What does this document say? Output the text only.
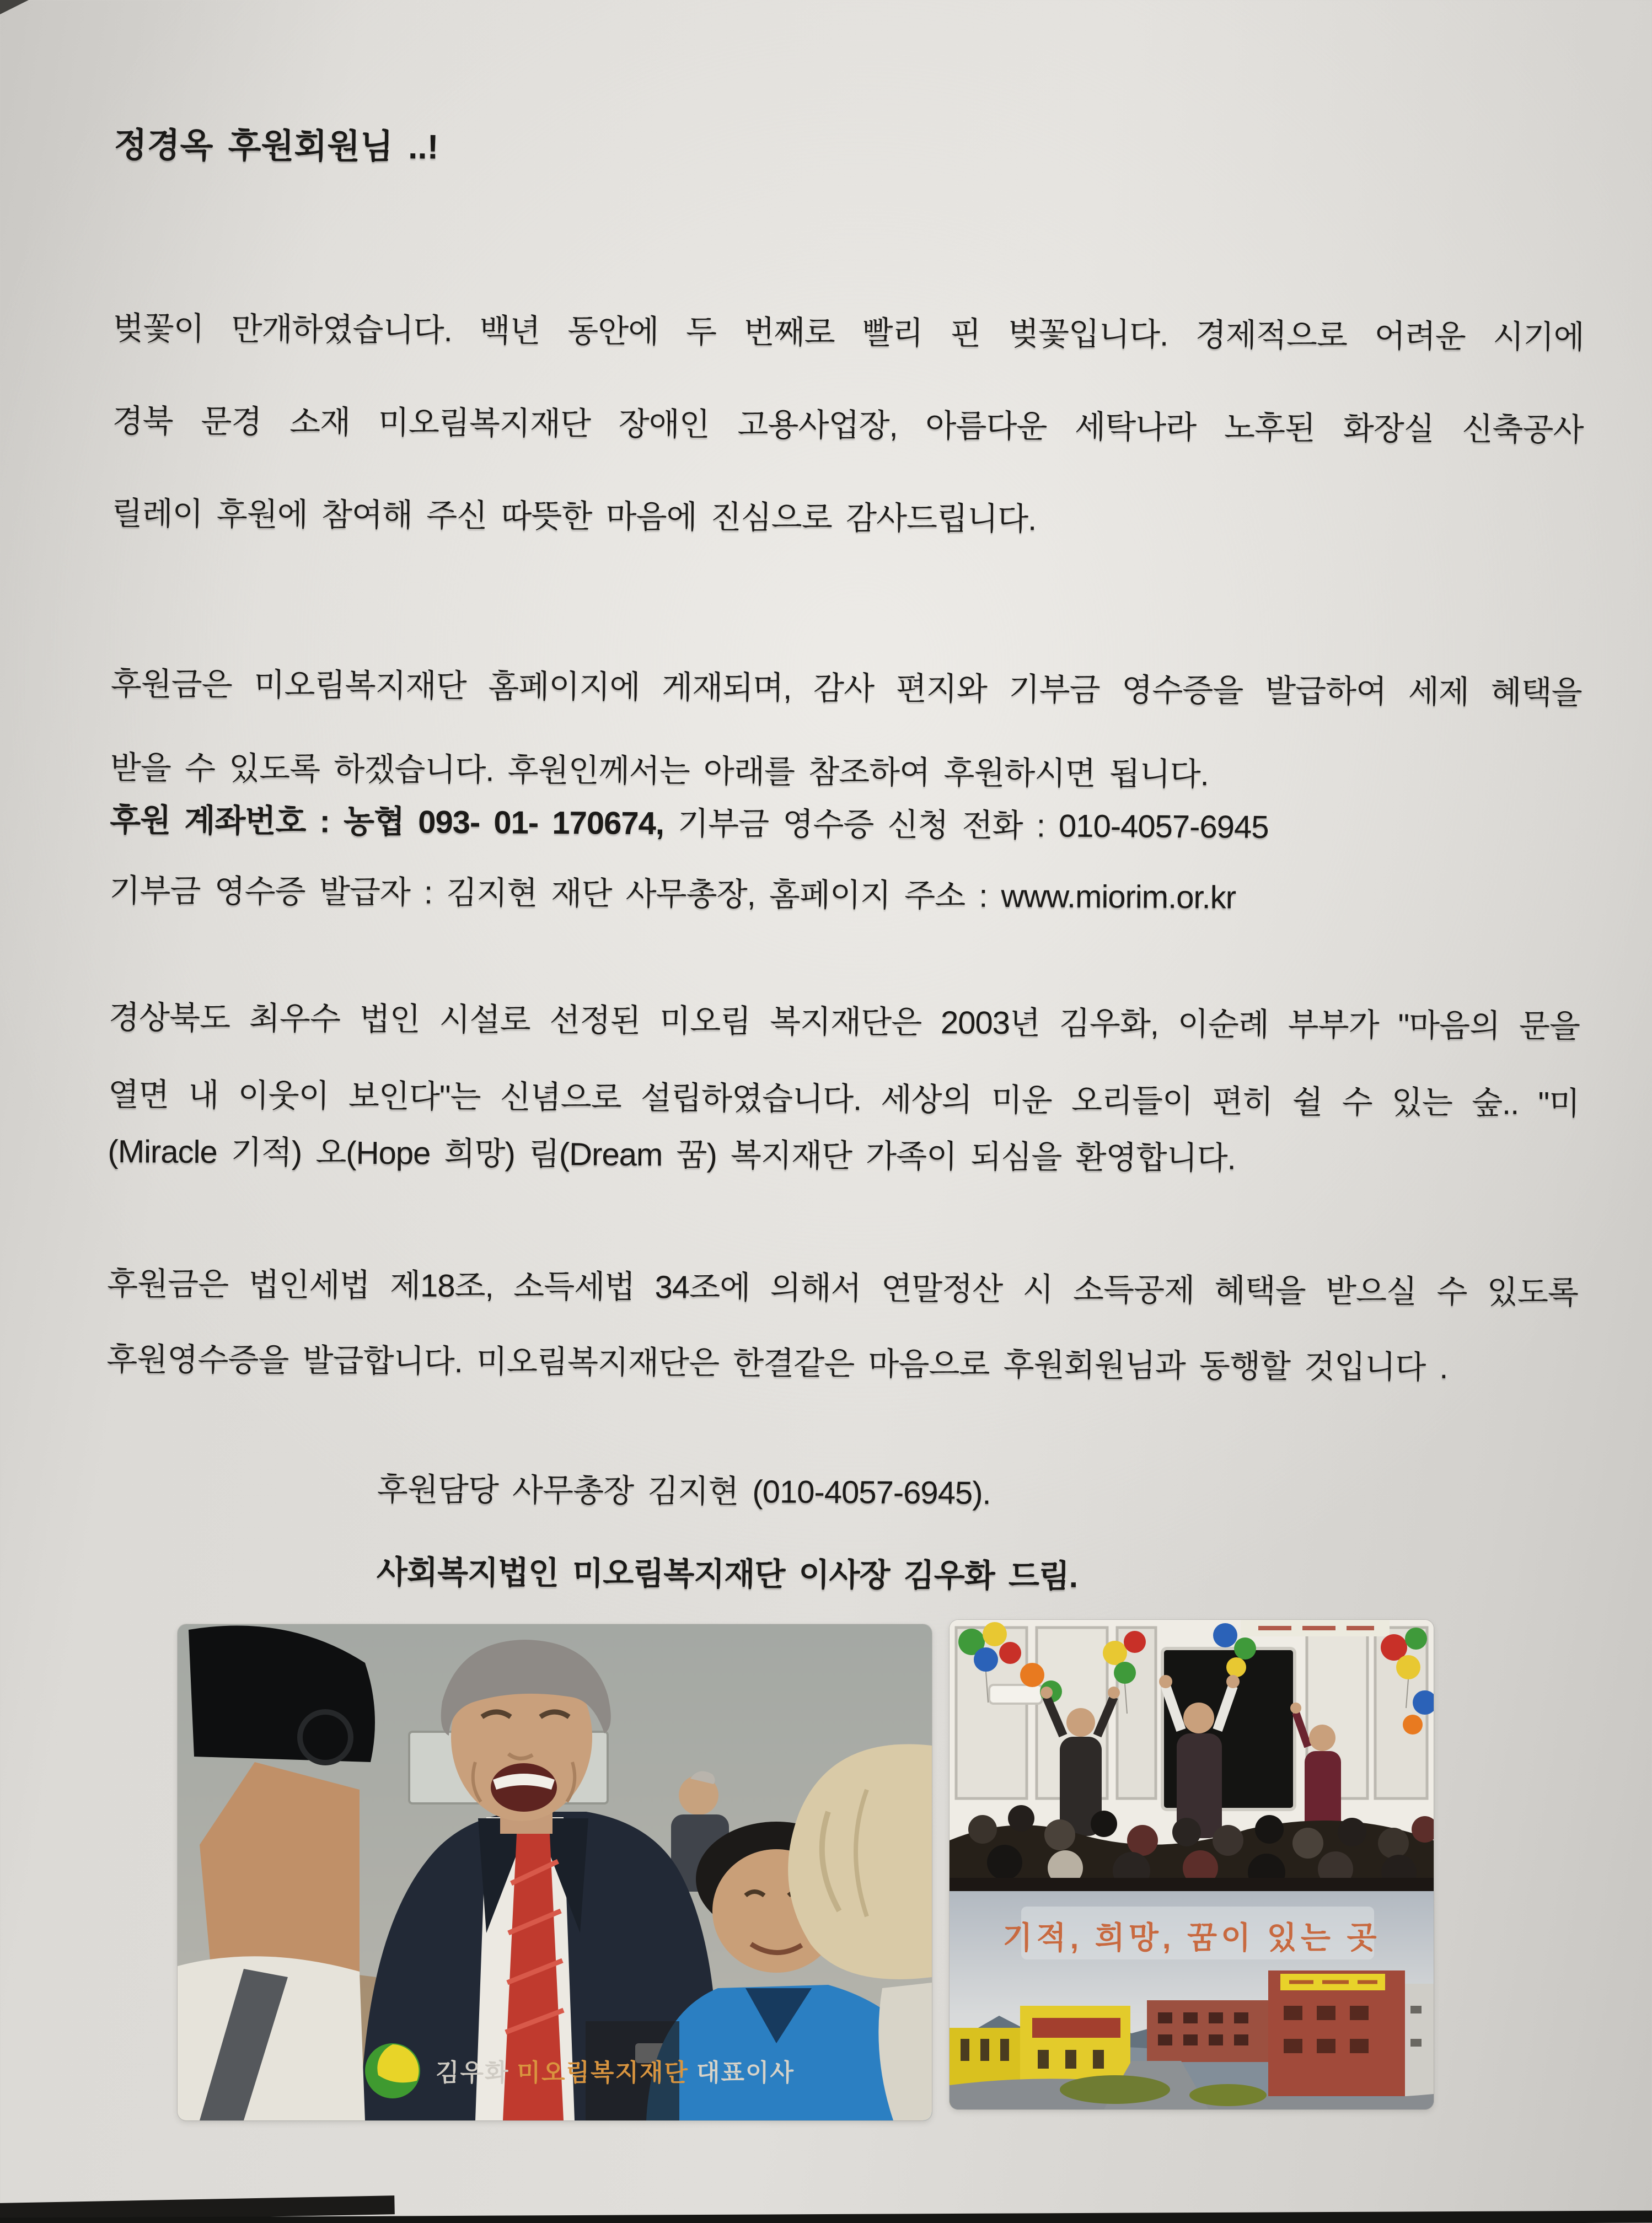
정경옥 후원회원님 ..!
벚꽃이 만개하였습니다. 백년 동안에 두 번째로 빨리 핀 벚꽃입니다. 경제적으로 어려운 시기에
경북 문경 소재 미오림복지재단 장애인 고용사업장, 아름다운 세탁나라 노후된 화장실 신축공사
릴레이 후원에 참여해 주신 따뜻한 마음에 진심으로 감사드립니다.
후원금은 미오림복지재단 홈페이지에 게재되며, 감사 편지와 기부금 영수증을 발급하여 세제 혜택을
받을 수 있도록 하겠습니다. 후원인께서는 아래를 참조하여 후원하시면 됩니다.
후원 계좌번호 : 농협 093- 01- 170674, 기부금 영수증 신청 전화 : 010-4057-6945
기부금 영수증 발급자 : 김지현 재단 사무총장, 홈페이지 주소 : www.miorim.or.kr
경상북도 최우수 법인 시설로 선정된 미오림 복지재단은 2003년 김우화, 이순례 부부가 "마음의 문을
열면 내 이웃이 보인다"는 신념으로 설립하였습니다. 세상의 미운 오리들이 편히 쉴 수 있는 숲.. "미
(Miracle 기적) 오(Hope 희망) 림(Dream 꿈) 복지재단 가족이 되심을 환영합니다.
후원금은 법인세법 제18조, 소득세법 34조에 의해서 연말정산 시 소득공제 혜택을 받으실 수 있도록
후원영수증을 발급합니다. 미오림복지재단은 한결같은 마음으로 후원회원님과 동행할 것입니다 .
후원담당 사무총장 김지현 (010-4057-6945).
사회복지법인 미오림복지재단 이사장 김우화 드림.
김우화 미오림복지재단 대표이사
기적, 희망, 꿈이 있는 곳
